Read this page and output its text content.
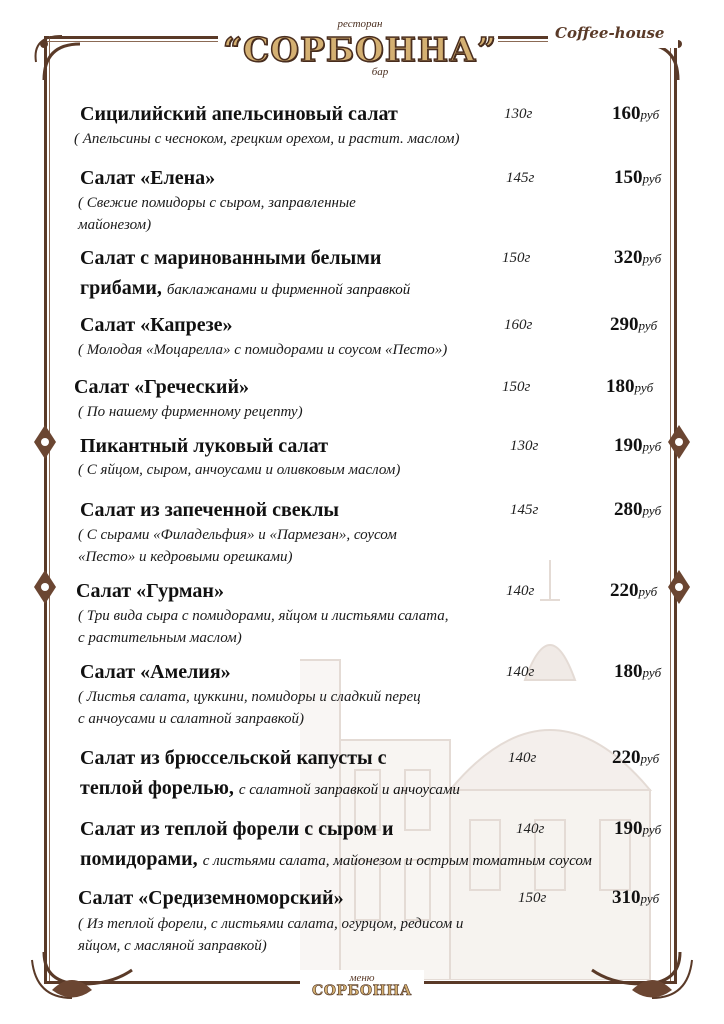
ресторан
“СОРБОННА”
бар
Coffee-house
Сицилийский апельсиновый салат	130г	160руб
( Апельсины с чесноком, грецким орехом, и растит. маслом)
Салат «Елена»	145г	150руб
( Свежие помидоры с сыром, заправленные
майонезом)
Салат с маринованными белыми	150г	320руб
грибами, баклажанами и фирменной заправкой
Салат «Капрезе»	160г	290руб
( Молодая «Моцарелла» с помидорами и соусом «Песто»)
Салат «Греческий»	150г	180руб
( По нашему фирменному рецепту)
Пикантный луковый салат	130г	190руб
( С яйцом, сыром, анчоусами и оливковым маслом)
Салат из запеченной свеклы	145г	280руб
( С сырами «Филадельфия» и «Пармезан», соусом
«Песто» и кедровыми орешками)
Салат «Гурман»	140г	220руб
( Три вида сыра с помидорами, яйцом и листьями салата,
с растительным маслом)
Салат «Амелия»	140г	180руб
( Листья салата, цуккини, помидоры и сладкий перец
с анчоусами и салатной заправкой)
Салат из брюссельской капусты с	140г	220руб
теплой форелью, с салатной заправкой и анчоусами
Салат из теплой форели с сыром и	140г	190руб
помидорами, с листьями салата, майонезом и острым томатным соусом
Салат «Средиземноморский»	150г	310руб
( Из теплой форели, с листьями салата, огурцом, редисом и
яйцом, с масляной заправкой)
меню
СОРБОННА
